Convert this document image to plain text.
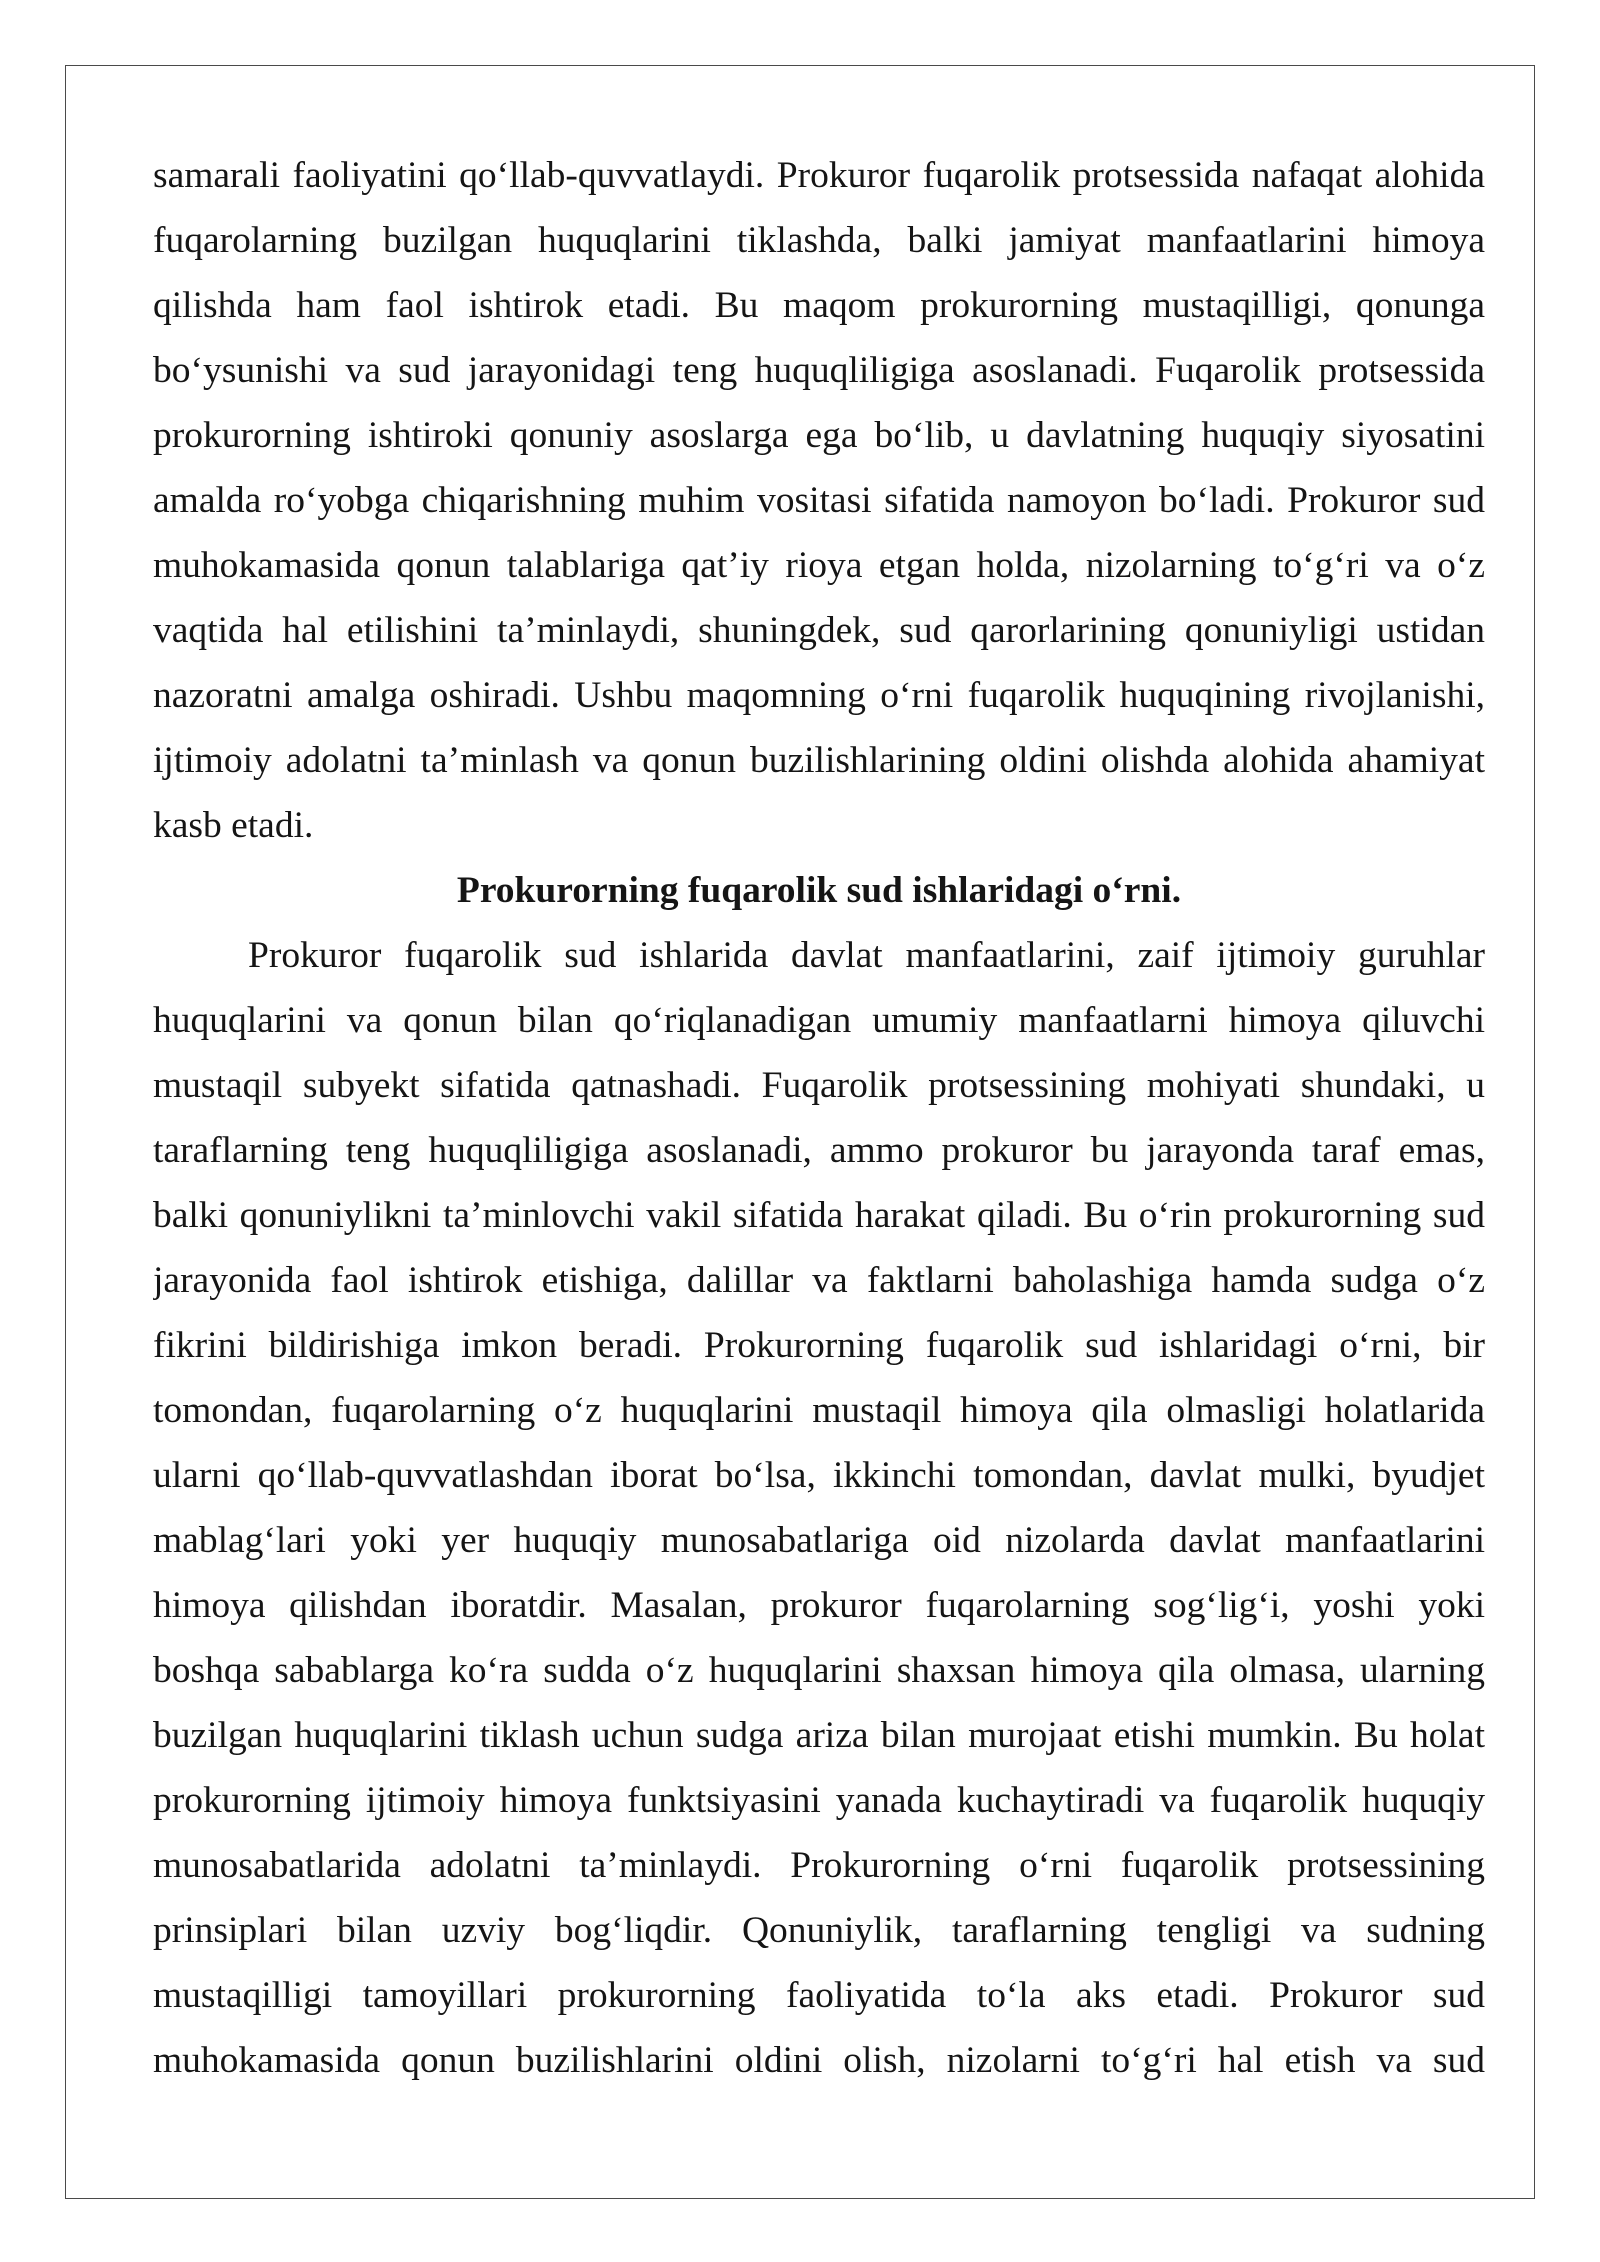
samarali faoliyatini qo‘llab-quvvatlaydi. Prokuror fuqarolik protsessida nafaqat alohida
fuqarolarning buzilgan huquqlarini tiklashda, balki jamiyat manfaatlarini himoya
qilishda ham faol ishtirok etadi. Bu maqom prokurorning mustaqilligi, qonunga
bo‘ysunishi va sud jarayonidagi teng huquqliligiga asoslanadi. Fuqarolik protsessida
prokurorning ishtiroki qonuniy asoslarga ega bo‘lib, u davlatning huquqiy siyosatini
amalda ro‘yobga chiqarishning muhim vositasi sifatida namoyon bo‘ladi. Prokuror sud
muhokamasida qonun talablariga qat’iy rioya etgan holda, nizolarning to‘g‘ri va o‘z
vaqtida hal etilishini ta’minlaydi, shuningdek, sud qarorlarining qonuniyligi ustidan
nazoratni amalga oshiradi. Ushbu maqomning o‘rni fuqarolik huquqining rivojlanishi,
ijtimoiy adolatni ta’minlash va qonun buzilishlarining oldini olishda alohida ahamiyat
kasb etadi.
Prokurorning fuqarolik sud ishlaridagi o‘rni.
Prokuror fuqarolik sud ishlarida davlat manfaatlarini, zaif ijtimoiy guruhlar
huquqlarini va qonun bilan qo‘riqlanadigan umumiy manfaatlarni himoya qiluvchi
mustaqil subyekt sifatida qatnashadi. Fuqarolik protsessining mohiyati shundaki, u
taraflarning teng huquqliligiga asoslanadi, ammo prokuror bu jarayonda taraf emas,
balki qonuniylikni ta’minlovchi vakil sifatida harakat qiladi. Bu o‘rin prokurorning sud
jarayonida faol ishtirok etishiga, dalillar va faktlarni baholashiga hamda sudga o‘z
fikrini bildirishiga imkon beradi. Prokurorning fuqarolik sud ishlaridagi o‘rni, bir
tomondan, fuqarolarning o‘z huquqlarini mustaqil himoya qila olmasligi holatlarida
ularni qo‘llab-quvvatlashdan iborat bo‘lsa, ikkinchi tomondan, davlat mulki, byudjet
mablag‘lari yoki yer huquqiy munosabatlariga oid nizolarda davlat manfaatlarini
himoya qilishdan iboratdir. Masalan, prokuror fuqarolarning sog‘lig‘i, yoshi yoki
boshqa sabablarga ko‘ra sudda o‘z huquqlarini shaxsan himoya qila olmasa, ularning
buzilgan huquqlarini tiklash uchun sudga ariza bilan murojaat etishi mumkin. Bu holat
prokurorning ijtimoiy himoya funktsiyasini yanada kuchaytiradi va fuqarolik huquqiy
munosabatlarida adolatni ta’minlaydi. Prokurorning o‘rni fuqarolik protsessining
prinsiplari bilan uzviy bog‘liqdir. Qonuniylik, taraflarning tengligi va sudning
mustaqilligi tamoyillari prokurorning faoliyatida to‘la aks etadi. Prokuror sud
muhokamasida qonun buzilishlarini oldini olish, nizolarni to‘g‘ri hal etish va sud
